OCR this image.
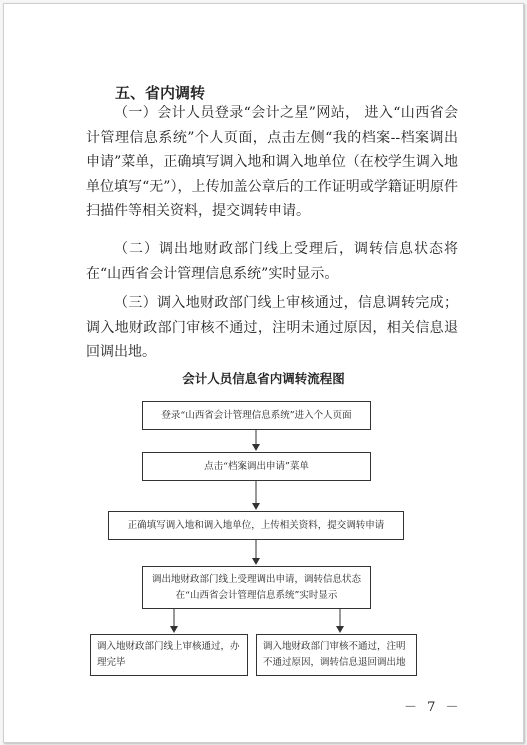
五、省内调转

（一）会计人员登录“会计之星”网站， 进入“山西省会计管理信息系统”个人页面，点击左侧“我的档案--档案调出申请”菜单，正确填写调入地和调入地单位（在校学生调入地单位填写“无”），上传加盖公章后的工作证明或学籍证明原件扫描件等相关资料，提交调转申请。

（二）调出地财政部门线上受理后，调转信息状态将在“山西省会计管理信息系统”实时显示。

（三）调入地财政部门线上审核通过，信息调转完成；调入地财政部门审核不通过，注明未通过原因，相关信息退回调出地。

会计人员信息省内调转流程图
登录“山西省会计管理信息系统”进入个人页面
点击“档案调出申请”菜单
正确填写调入地和调入地单位，上传相关资料，提交调转申请
调出地财政部门线上受理调出申请，调转信息状态在“山西省会计管理信息系统”实时显示
调入地财政部门线上审核通过，办理完毕
调入地财政部门审核不通过，注明不通过原因，调转信息退回调出地
－ 7 －
